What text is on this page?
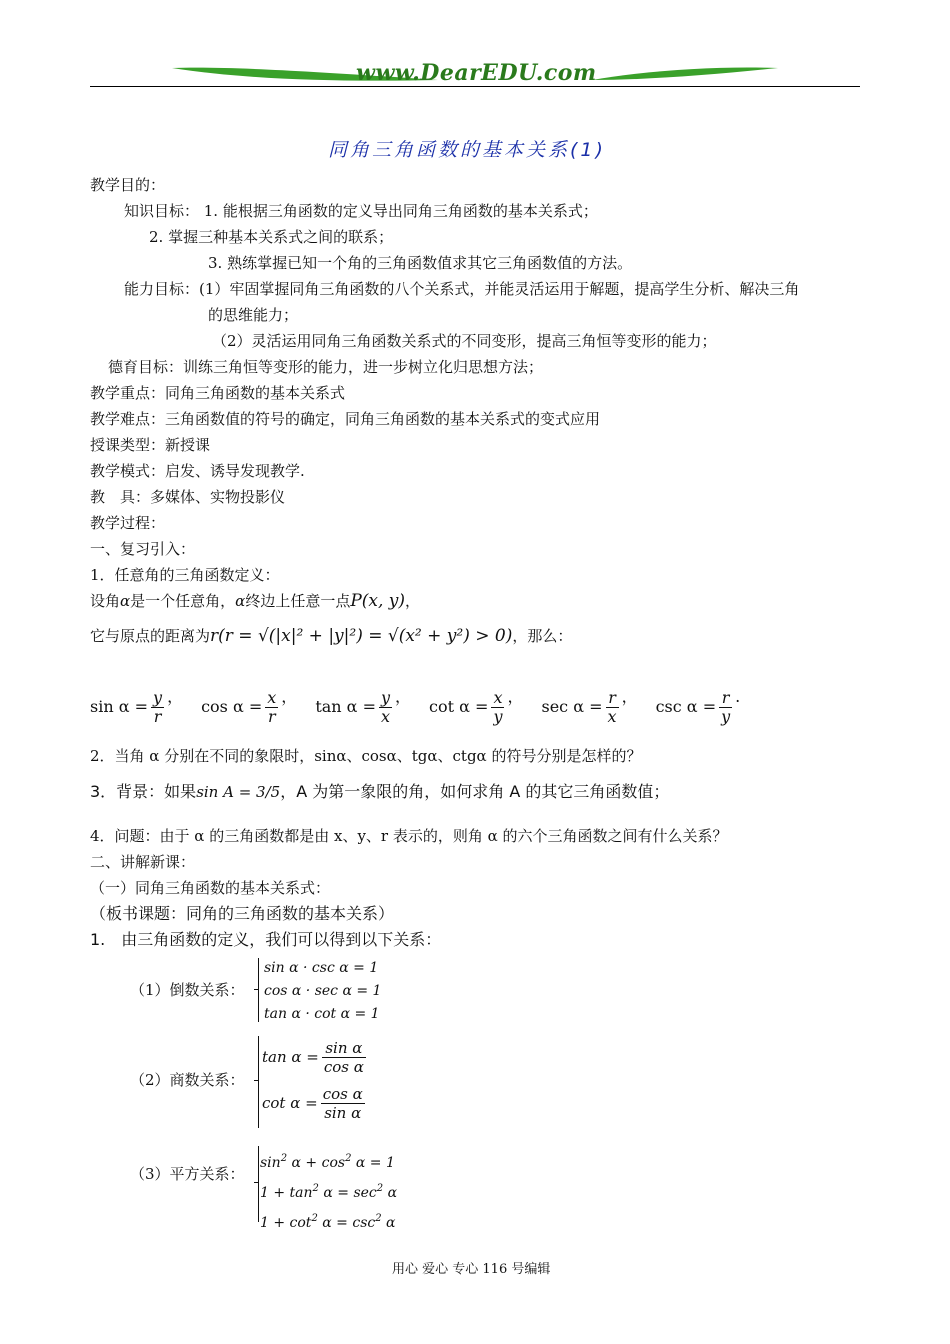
www.DearEDU.com
同角三角函数的基本关系(1)
教学目的：
知识目标： 1. 能根据三角函数的定义导出同角三角函数的基本关系式；
2. 掌握三种基本关系式之间的联系；
3. 熟练掌握已知一个角的三角函数值求其它三角函数值的方法。
能力目标：(1）牢固掌握同角三角函数的八个关系式，并能灵活运用于解题，提高学生分析、解决三角
的思维能力；
（2）灵活运用同角三角函数关系式的不同变形，提高三角恒等变形的能力；
德育目标：训练三角恒等变形的能力，进一步树立化归思想方法；
教学重点：同角三角函数的基本关系式
教学难点：三角函数值的符号的确定，同角三角函数的基本关系式的变式应用
授课类型：新授课
教学模式：启发、诱导发现教学.
教　具：多媒体、实物投影仪
教学过程：
一、复习引入：
1．任意角的三角函数定义：
设角α是一个任意角，α终边上任意一点P(x, y)，
它与原点的距离为r(r = √(|x|² + |y|²) = √(x² + y²) > 0)，那么：
$\sin \alpha = \frac{y}{r}$ ，$\cos \alpha = \frac{x}{r}$ ，$\tan \alpha = \frac{y}{x}$ ，$\cot \alpha = \frac{x}{y}$ ，$\sec \alpha = \frac{r}{x}$ ，$\csc \alpha = \frac{r}{y}$ .
2．当角 α 分别在不同的象限时，sinα、cosα、tgα、ctgα 的符号分别是怎样的？
3．背景：如果sin A = 3/5，A 为第一象限的角，如何求角 A 的其它三角函数值；
4．问题：由于 α 的三角函数都是由 x、y、r 表示的，则角 α 的六个三角函数之间有什么关系？
二、讲解新课：
（一）同角三角函数的基本关系式：
（板书课题：同角的三角函数的基本关系）
1.　由三角函数的定义，我们可以得到以下关系：
（1）倒数关系：
sin α · csc α = 1
cos α · sec α = 1
tan α · cot α = 1
（2）商数关系：
$\tan \alpha = \frac{\text{sin α}}{\text{cos α}}$
$\cot \alpha = \frac{\text{cos α}}{\text{sin α}}$
（3）平方关系：
$\sin^2 \alpha + \cos^2 \alpha = 1$
$1 + \tan^2 \alpha = \sec^2 \alpha$
$1 + \cot^2 \alpha = \csc^2 \alpha$
用心 爱心 专心 116 号编辑
